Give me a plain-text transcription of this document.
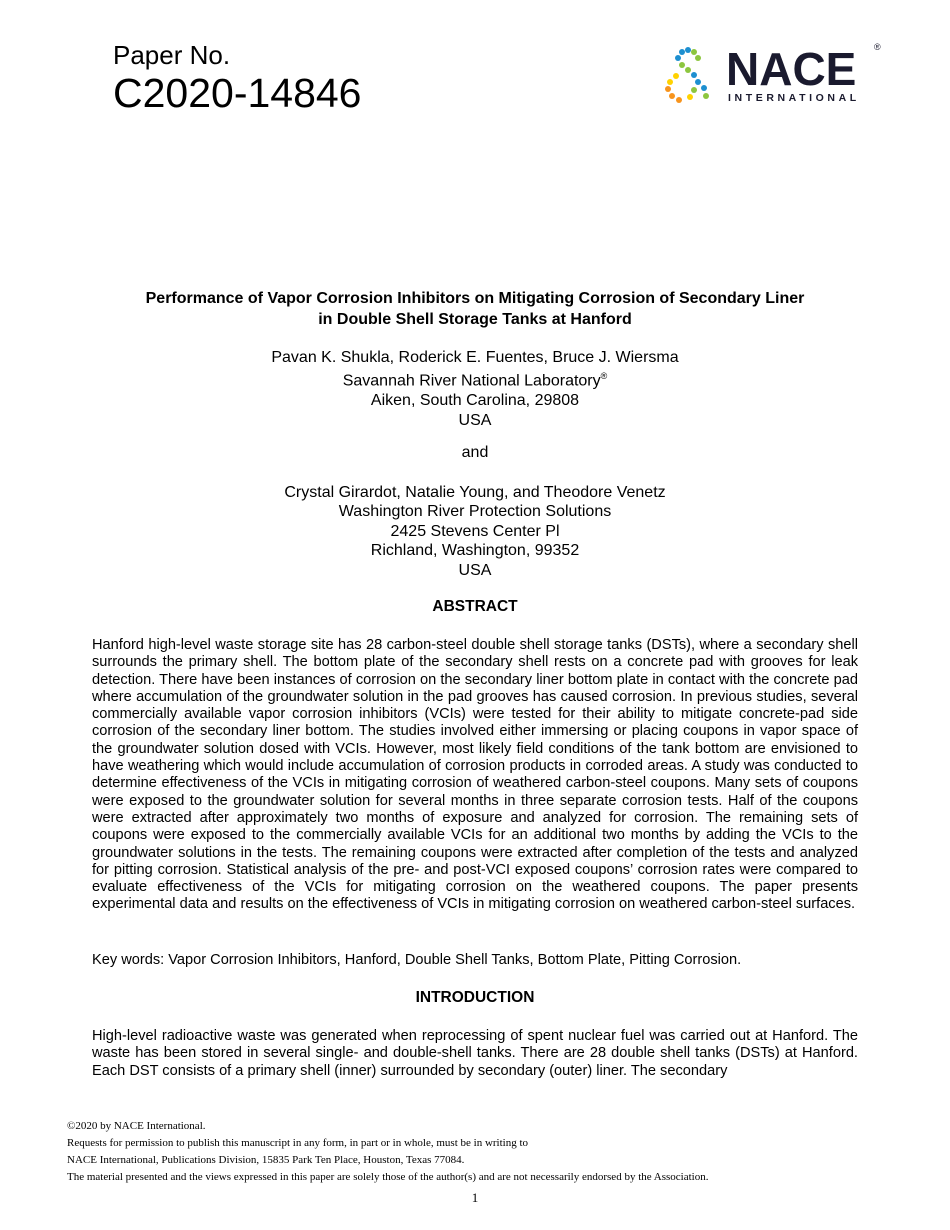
Paper No.
C2020-14846	NACE ®
INTERNATIONAL
Performance of Vapor Corrosion Inhibitors on Mitigating Corrosion of Secondary Liner
in Double Shell Storage Tanks at Hanford
Pavan K. Shukla, Roderick E. Fuentes, Bruce J. Wiersma
Savannah River National Laboratory®
Aiken, South Carolina, 29808
USA
and
Crystal Girardot, Natalie Young, and Theodore Venetz
Washington River Protection Solutions
2425 Stevens Center Pl
Richland, Washington, 99352
USA
ABSTRACT
Hanford high-level waste storage site has 28 carbon-steel double shell storage tanks (DSTs), where a secondary shell surrounds the primary shell. The bottom plate of the secondary shell rests on a concrete pad with grooves for leak detection. There have been instances of corrosion on the secondary liner bottom plate in contact with the concrete pad where accumulation of the groundwater solution in the pad grooves has caused corrosion. In previous studies, several commercially available vapor corrosion inhibitors (VCIs) were tested for their ability to mitigate concrete-pad side corrosion of the secondary liner bottom. The studies involved either immersing or placing coupons in vapor space of the groundwater solution dosed with VCIs. However, most likely field conditions of the tank bottom are envisioned to have weathering which would include accumulation of corrosion products in corroded areas. A study was conducted to determine effectiveness of the VCIs in mitigating corrosion of weathered carbon-steel coupons. Many sets of coupons were exposed to the groundwater solution for several months in three separate corrosion tests. Half of the coupons were extracted after approximately two months of exposure and analyzed for corrosion. The remaining sets of coupons were exposed to the commercially available VCIs for an additional two months by adding the VCIs to the groundwater solutions in the tests. The remaining coupons were extracted after completion of the tests and analyzed for pitting corrosion. Statistical analysis of the pre- and post-VCI exposed coupons’ corrosion rates were compared to evaluate effectiveness of the VCIs for mitigating corrosion on the weathered coupons. The paper presents experimental data and results on the effectiveness of VCIs in mitigating corrosion on weathered carbon-steel surfaces.
Key words: Vapor Corrosion Inhibitors, Hanford, Double Shell Tanks, Bottom Plate, Pitting Corrosion.
INTRODUCTION
High-level radioactive waste was generated when reprocessing of spent nuclear fuel was carried out at Hanford. The waste has been stored in several single- and double-shell tanks. There are 28 double shell tanks (DSTs) at Hanford. Each DST consists of a primary shell (inner) surrounded by secondary (outer) liner. The secondary
©2020 by NACE International.
Requests for permission to publish this manuscript in any form, in part or in whole, must be in writing to
NACE International, Publications Division, 15835 Park Ten Place, Houston, Texas 77084.
The material presented and the views expressed in this paper are solely those of the author(s) and are not necessarily endorsed by the Association.
1
